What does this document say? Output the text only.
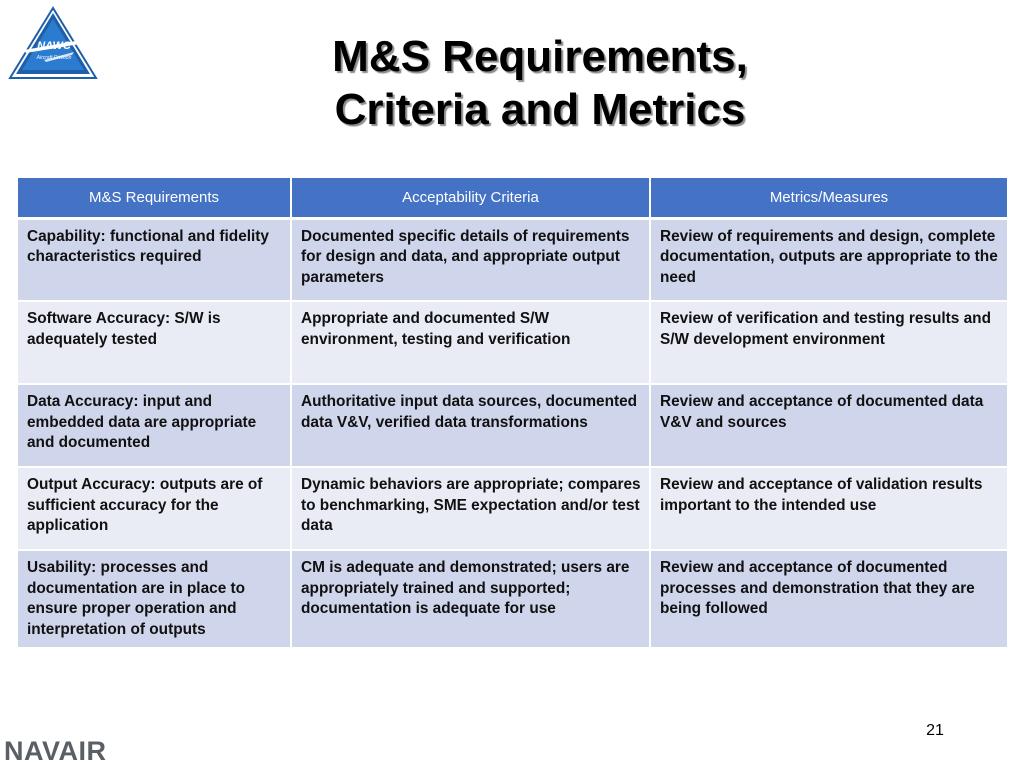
NAWC
Aircraft Division
NAVAL AIR WARFARE CENTER	M&S Requirements,
Criteria and Metrics
M&S Requirements	Acceptability Criteria	Metrics/Measures
Capability: functional and fidelity characteristics required	Documented specific details of requirements for design and data, and appropriate output parameters	Review of requirements and design, complete documentation, outputs are appropriate to the need
Software Accuracy: S/W is adequately tested	Appropriate and documented S/W environment, testing and verification	Review of verification and testing results and S/W development environment
Data Accuracy: input and embedded data are appropriate and documented	Authoritative input data sources, documented data V&V, verified data transformations	Review and acceptance of documented data V&V and sources
Output Accuracy: outputs are of sufficient accuracy for the application	Dynamic behaviors are appropriate; compares to benchmarking, SME expectation and/or test data	Review and acceptance of validation results important to the intended use
Usability: processes and documentation are in place to ensure proper operation and interpretation of outputs	CM is adequate and demonstrated; users are appropriately trained and supported; documentation is adequate for use	Review and acceptance of documented processes and demonstration that they are being followed
21
NAVAIR
